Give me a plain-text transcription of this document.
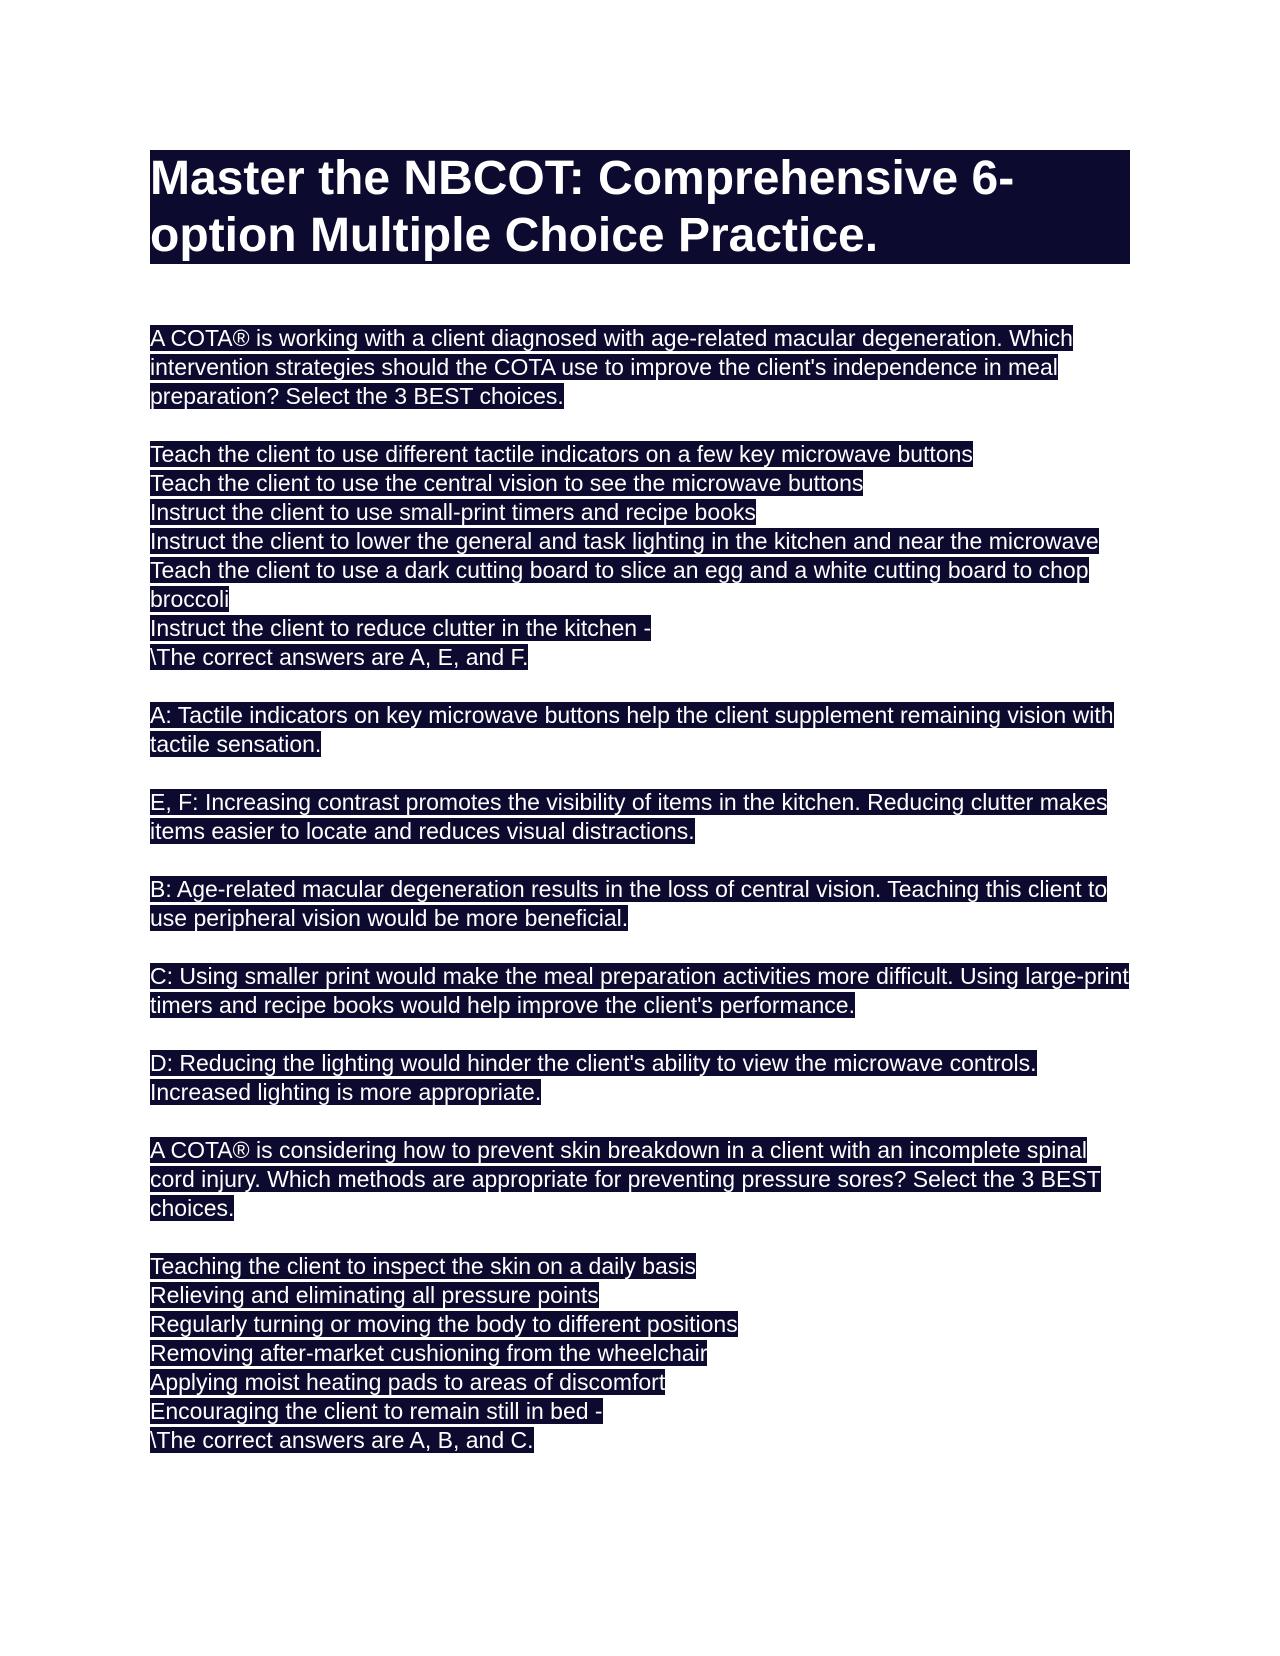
Master the NBCOT: Comprehensive 6-option Multiple Choice Practice.

A COTA® is working with a client diagnosed with age-related macular degeneration. Which intervention strategies should the COTA use to improve the client's independence in meal preparation? Select the 3 BEST choices.

Teach the client to use different tactile indicators on a few key microwave buttons
Teach the client to use the central vision to see the microwave buttons
Instruct the client to use small-print timers and recipe books
Instruct the client to lower the general and task lighting in the kitchen and near the microwave
Teach the client to use a dark cutting board to slice an egg and a white cutting board to chop broccoli
Instruct the client to reduce clutter in the kitchen -
\The correct answers are A, E, and F.

A: Tactile indicators on key microwave buttons help the client supplement remaining vision with tactile sensation.

E, F: Increasing contrast promotes the visibility of items in the kitchen. Reducing clutter makes items easier to locate and reduces visual distractions.

B: Age-related macular degeneration results in the loss of central vision. Teaching this client to use peripheral vision would be more beneficial.

C: Using smaller print would make the meal preparation activities more difficult. Using large-print timers and recipe books would help improve the client's performance.

D: Reducing the lighting would hinder the client's ability to view the microwave controls. Increased lighting is more appropriate.

A COTA® is considering how to prevent skin breakdown in a client with an incomplete spinal cord injury. Which methods are appropriate for preventing pressure sores? Select the 3 BEST choices.

Teaching the client to inspect the skin on a daily basis
Relieving and eliminating all pressure points
Regularly turning or moving the body to different positions
Removing after-market cushioning from the wheelchair
Applying moist heating pads to areas of discomfort
Encouraging the client to remain still in bed -
\The correct answers are A, B, and C.
